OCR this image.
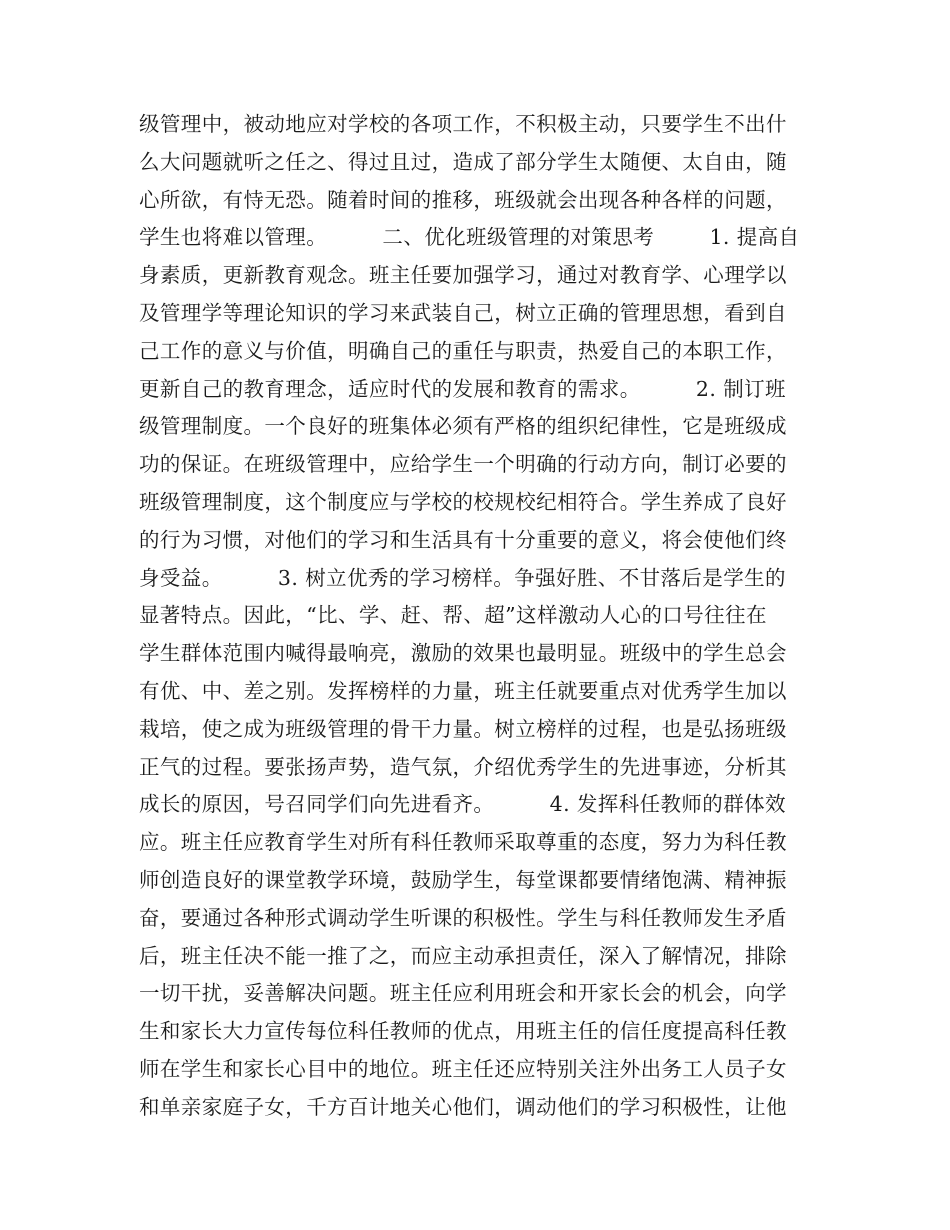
级管理中，被动地应对学校的各项工作，不积极主动，只要学生不出什
么大问题就听之任之、得过且过，造成了部分学生太随便、太自由，随
心所欲，有恃无恐。随着时间的推移，班级就会出现各种各样的问题，
学生也将难以管理。        二、优化班级管理的对策思考        1. 提高自
身素质，更新教育观念。班主任要加强学习，通过对教育学、心理学以
及管理学等理论知识的学习来武装自己，树立正确的管理思想，看到自
己工作的意义与价值，明确自己的重任与职责，热爱自己的本职工作，
更新自己的教育理念，适应时代的发展和教育的需求。        2. 制订班
级管理制度。一个良好的班集体必须有严格的组织纪律性，它是班级成
功的保证。在班级管理中，应给学生一个明确的行动方向，制订必要的
班级管理制度，这个制度应与学校的校规校纪相符合。学生养成了良好
的行为习惯，对他们的学习和生活具有十分重要的意义，将会使他们终
身受益。        3. 树立优秀的学习榜样。争强好胜、不甘落后是学生的
显著特点。因此，“比、学、赶、帮、超”这样激动人心的口号往往在
学生群体范围内喊得最响亮，激励的效果也最明显。班级中的学生总会
有优、中、差之别。发挥榜样的力量，班主任就要重点对优秀学生加以
栽培，使之成为班级管理的骨干力量。树立榜样的过程，也是弘扬班级
正气的过程。要张扬声势，造气氛，介绍优秀学生的先进事迹，分析其
成长的原因，号召同学们向先进看齐。        4. 发挥科任教师的群体效
应。班主任应教育学生对所有科任教师采取尊重的态度，努力为科任教
师创造良好的课堂教学环境，鼓励学生，每堂课都要情绪饱满、精神振
奋，要通过各种形式调动学生听课的积极性。学生与科任教师发生矛盾
后，班主任决不能一推了之，而应主动承担责任，深入了解情况，排除
一切干扰，妥善解决问题。班主任应利用班会和开家长会的机会，向学
生和家长大力宣传每位科任教师的优点，用班主任的信任度提高科任教
师在学生和家长心目中的地位。班主任还应特别关注外出务工人员子女
和单亲家庭子女，千方百计地关心他们，调动他们的学习积极性，让他
